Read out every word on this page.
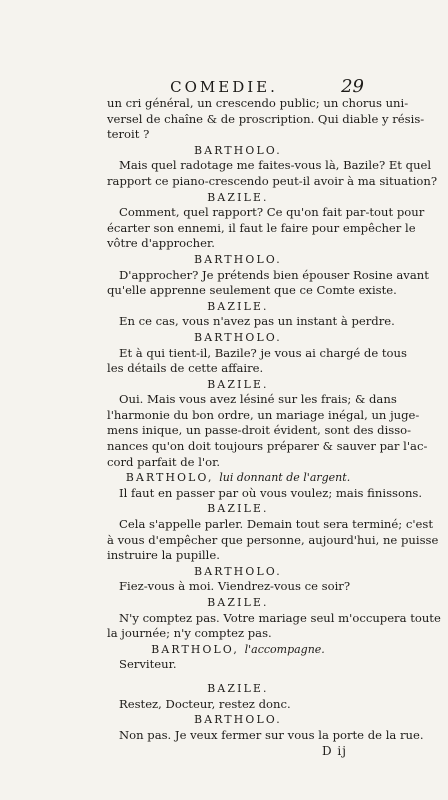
COMEDIE.	29
un cri général, un crescendo public; un chorus uni-
versel de chaîne & de proscription. Qui diable y résis-
teroit ?
BARTHOLO.
Mais quel radotage me faites-vous là, Bazile? Et quel
rapport ce piano-crescendo peut-il avoir à ma situation?
BAZILE.
Comment, quel rapport? Ce qu'on fait par-tout pour
écarter son ennemi, il faut le faire pour empêcher le
vôtre d'approcher.
BARTHOLO.
D'approcher? Je prétends bien épouser Rosine avant
qu'elle apprenne seulement que ce Comte existe.
BAZILE.
En ce cas, vous n'avez pas un instant à perdre.
BARTHOLO.
Et à qui tient-il, Bazile? je vous ai chargé de tous
les détails de cette affaire.
BAZILE.
Oui. Mais vous avez lésiné sur les frais; & dans
l'harmonie du bon ordre, un mariage inégal, un juge-
mens inique, un passe-droit évident, sont des disso-
nances qu'on doit toujours préparer & sauver par l'ac-
cord parfait de l'or.
BARTHOLO, lui donnant de l'argent.
Il faut en passer par où vous voulez; mais finissons.
BAZILE.
Cela s'appelle parler. Demain tout sera terminé; c'est
à vous d'empêcher que personne, aujourd'hui, ne puisse
instruire la pupille.
BARTHOLO.
Fiez-vous à moi. Viendrez-vous ce soir?
BAZILE.
N'y comptez pas. Votre mariage seul m'occupera toute
la journée; n'y comptez pas.
BARTHOLO, l'accompagne.
Serviteur.
BAZILE.
Restez, Docteur, restez donc.
BARTHOLO.
Non pas. Je veux fermer sur vous la porte de la rue.
D ij
